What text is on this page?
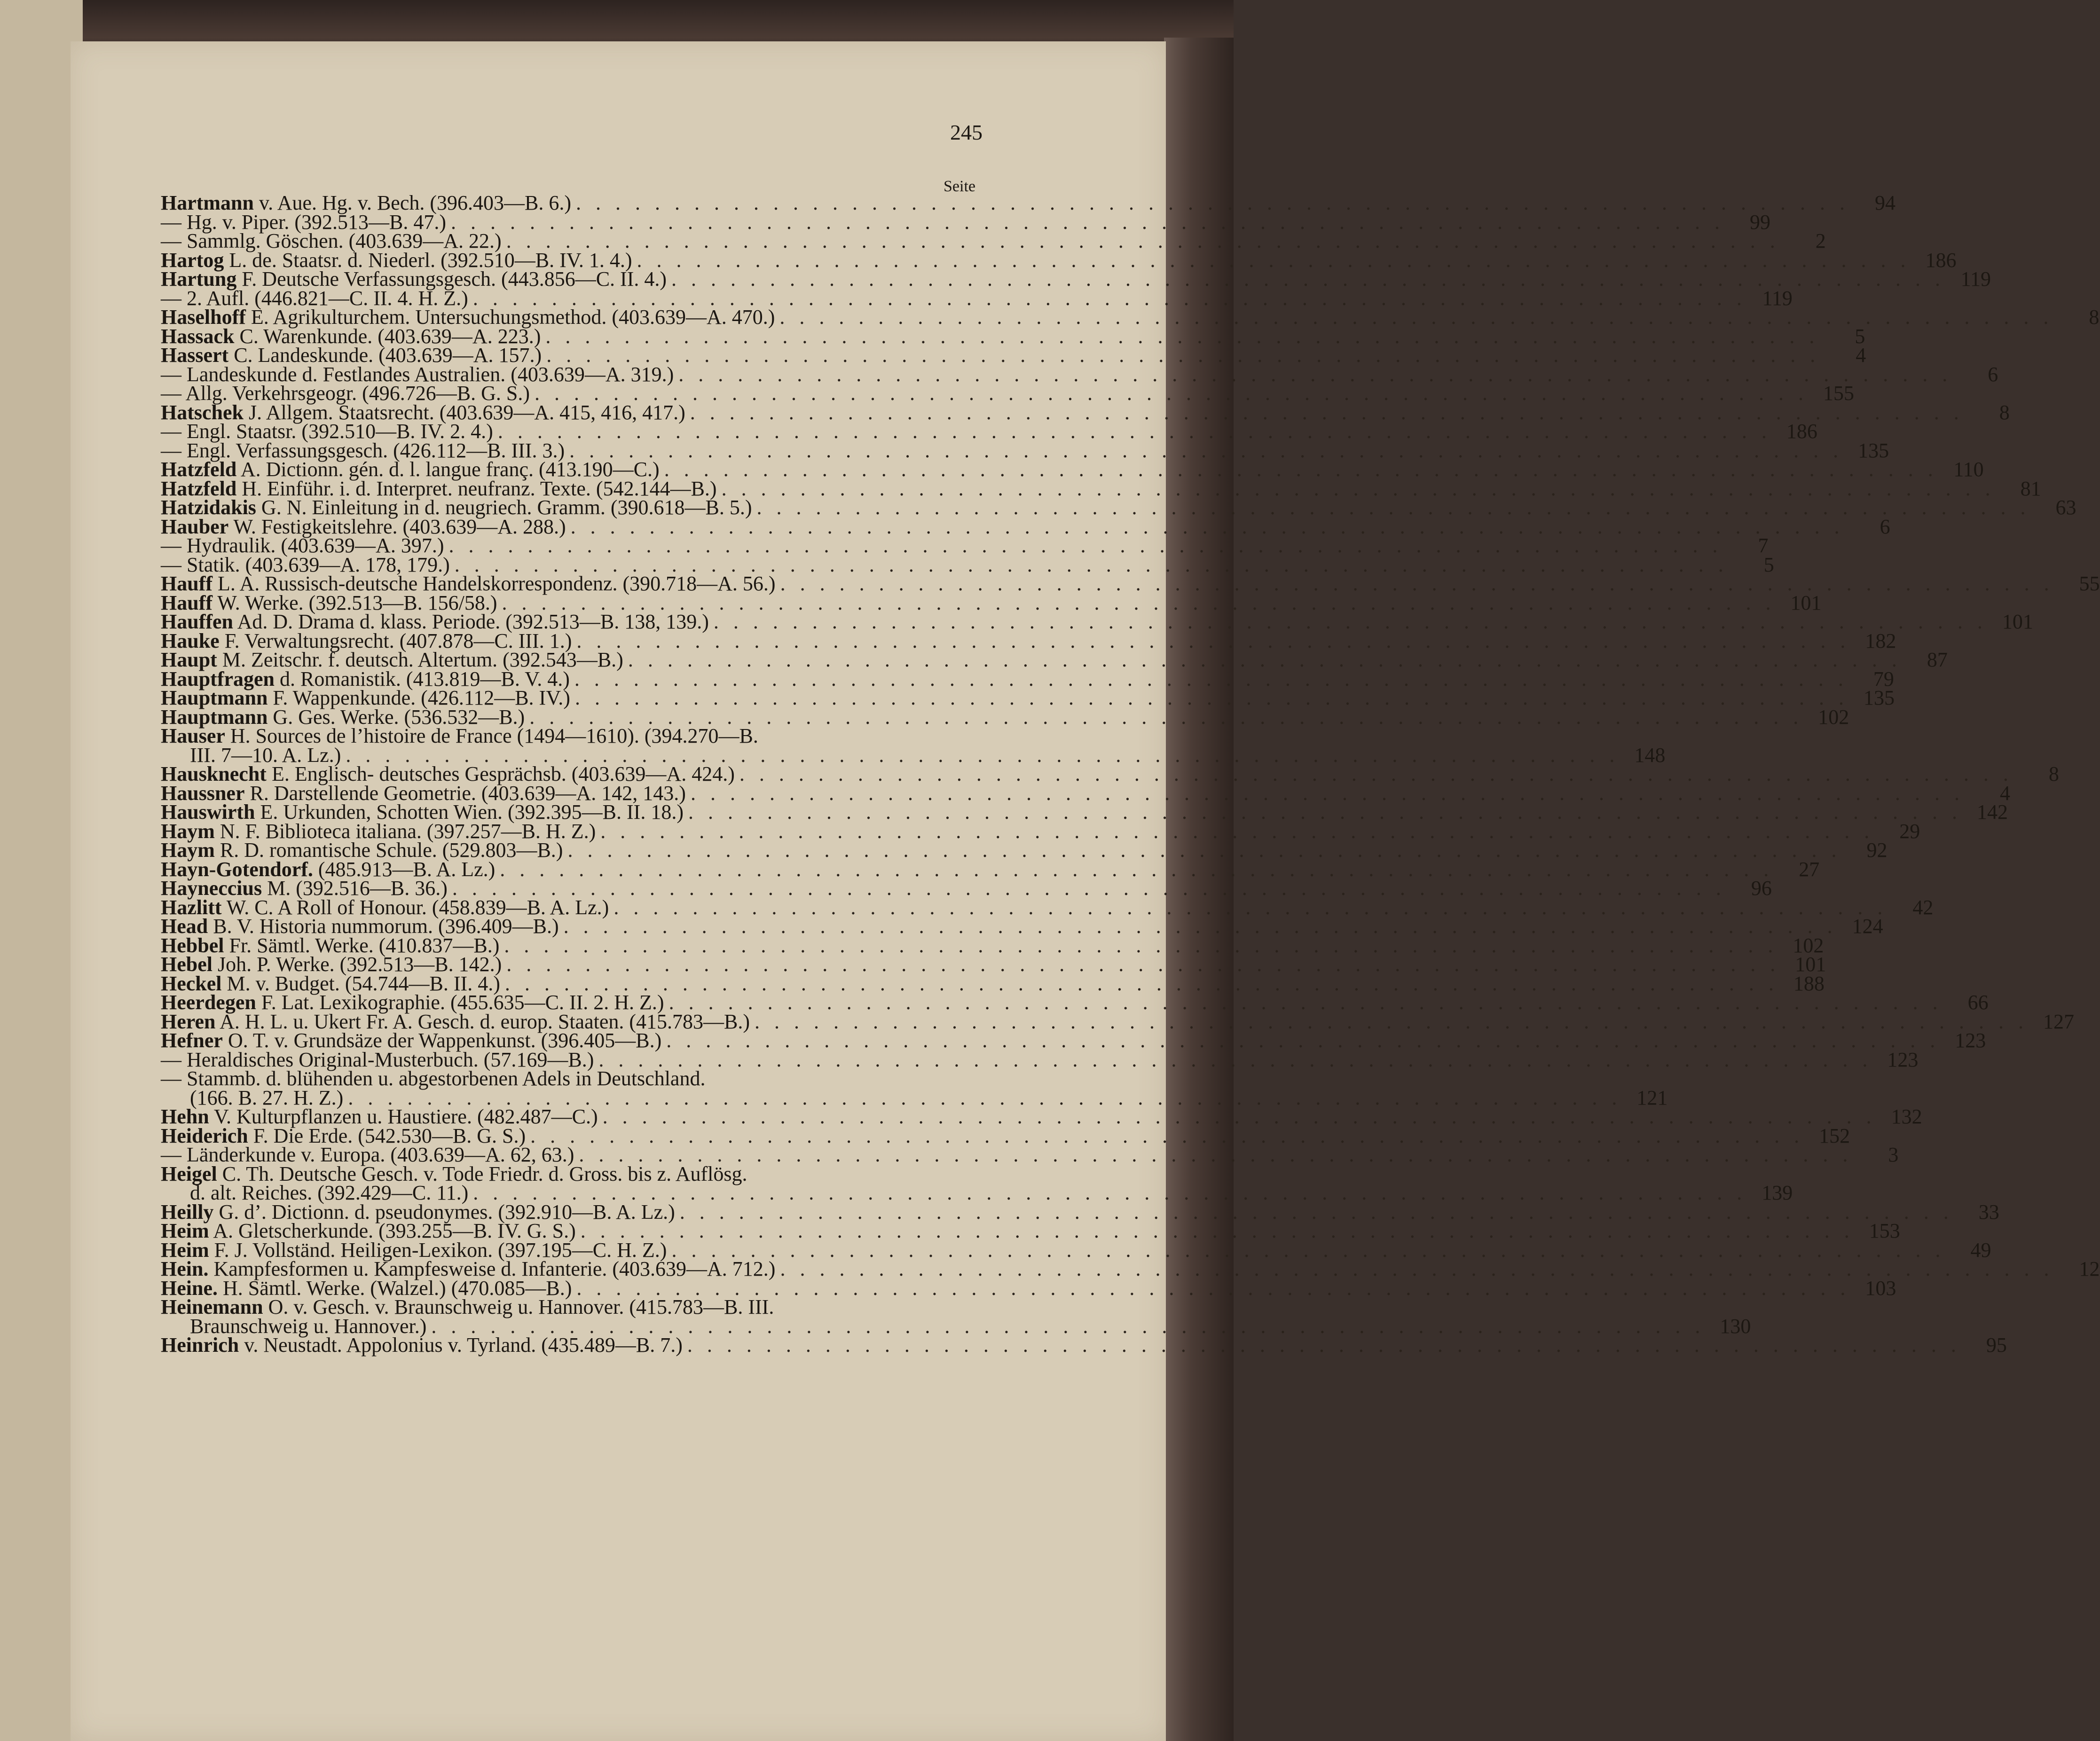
245
Seite
Hartmann v. Aue. Hg. v. Bech. (396.403—B. 6.) . . .	94
— Hg. v. Piper. (392.513—B. 47.) . . .	99
— Sammlg. Göschen. (403.639—A. 22.) . . .	2
Hartog L. de. Staatsr. d. Niederl. (392.510—B. IV. 1. 4.) . . .	186
Hartung F. Deutsche Verfassungsgesch. (443.856—C. II. 4.) . . .	119
— 2. Aufl. (446.821—C. II. 4. H. Z.) . . .	119
Haselhoff E. Agrikulturchem. Untersuchungsmethod. (403.639—A. 470.) . . .	8
Hassack C. Warenkunde. (403.639—A. 223.) . . .	5
Hassert C. Landeskunde. (403.639—A. 157.) . . .	4
— Landeskunde d. Festlandes Australien. (403.639—A. 319.) . . .	6
— Allg. Verkehrsgeogr. (496.726—B. G. S.) . . .	155
Hatschek J. Allgem. Staatsrecht. (403.639—A. 415, 416, 417.) . . .	8
— Engl. Staatsr. (392.510—B. IV. 2. 4.) . . .	186
— Engl. Verfassungsgesch. (426.112—B. III. 3.) . . .	135
Hatzfeld A. Dictionn. gén. d. l. langue franç. (413.190—C.) . . .	110
Hatzfeld H. Einführ. i. d. Interpret. neufranz. Texte. (542.144—B.) . . .	81
Hatzidakis G. N. Einleitung in d. neugriech. Gramm. (390.618—B. 5.) . . .	63
Hauber W. Festigkeitslehre. (403.639—A. 288.) . . .	6
— Hydraulik. (403.639—A. 397.) . . .	7
— Statik. (403.639—A. 178, 179.) . . .	5
Hauff L. A. Russisch-deutsche Handelskorrespondenz. (390.718—A. 56.) . . .	55
Hauff W. Werke. (392.513—B. 156/58.) . . .	101
Hauffen Ad. D. Drama d. klass. Periode. (392.513—B. 138, 139.) . . .	101
Hauke F. Verwaltungsrecht. (407.878—C. III. 1.) . . .	182
Haupt M. Zeitschr. f. deutsch. Altertum. (392.543—B.) . . .	87
Hauptfragen d. Romanistik. (413.819—B. V. 4.) . . .	79
Hauptmann F. Wappenkunde. (426.112—B. IV.) . . .	135
Hauptmann G. Ges. Werke. (536.532—B.) . . .	102
Hauser H. Sources de l’histoire de France (1494—1610). (394.270—B.
III. 7—10. A. Lz.) . . .	148
Hausknecht E. Englisch- deutsches Gesprächsb. (403.639—A. 424.) . . .	8
Haussner R. Darstellende Geometrie. (403.639—A. 142, 143.) . . .	4
Hauswirth E. Urkunden, Schotten Wien. (392.395—B. II. 18.) . . .	142
Haym N. F. Biblioteca italiana. (397.257—B. H. Z.) . . .	29
Haym R. D. romantische Schule. (529.803—B.) . . .	92
Hayn-Gotendorf. (485.913—B. A. Lz.) . . .	27
Hayneccius M. (392.516—B. 36.) . . .	96
Hazlitt W. C. A Roll of Honour. (458.839—B. A. Lz.) . . .	42
Head B. V. Historia nummorum. (396.409—B.) . . .	124
Hebbel Fr. Sämtl. Werke. (410.837—B.) . . .	102
Hebel Joh. P. Werke. (392.513—B. 142.) . . .	101
Heckel M. v. Budget. (54.744—B. II. 4.) . . .	188
Heerdegen F. Lat. Lexikographie. (455.635—C. II. 2. H. Z.) . . .	66
Heren A. H. L. u. Ukert Fr. A. Gesch. d. europ. Staaten. (415.783—B.) . . .	127
Hefner O. T. v. Grundsäze der Wappenkunst. (396.405—B.) . . .	123
— Heraldisches Original-Musterbuch. (57.169—B.) . . .	123
— Stammb. d. blühenden u. abgestorbenen Adels in Deutschland.
(166. B. 27. H. Z.) . . .	121
Hehn V. Kulturpflanzen u. Haustiere. (482.487—C.) . . .	132
Heiderich F. Die Erde. (542.530—B. G. S.) . . .	152
— Länderkunde v. Europa. (403.639—A. 62, 63.) . . .	3
Heigel C. Th. Deutsche Gesch. v. Tode Friedr. d. Gross. bis z. Auflösg.
d. alt. Reiches. (392.429—C. 11.) . . .	139
Heilly G. d’. Dictionn. d. pseudonymes. (392.910—B. A. Lz.) . . .	33
Heim A. Gletscherkunde. (393.255—B. IV. G. S.) . . .	153
Heim F. J. Vollständ. Heiligen-Lexikon. (397.195—C. H. Z.) . . .	49
Hein. Kampfesformen u. Kampfesweise d. Infanterie. (403.639—A. 712.) . . .	12
Heine. H. Sämtl. Werke. (Walzel.) (470.085—B.) . . .	103
Heinemann O. v. Gesch. v. Braunschweig u. Hannover. (415.783—B. III.
Braunschweig u. Hannover.) . . .	130
Heinrich v. Neustadt. Appolonius v. Tyrland. (435.489—B. 7.) . . .	95
